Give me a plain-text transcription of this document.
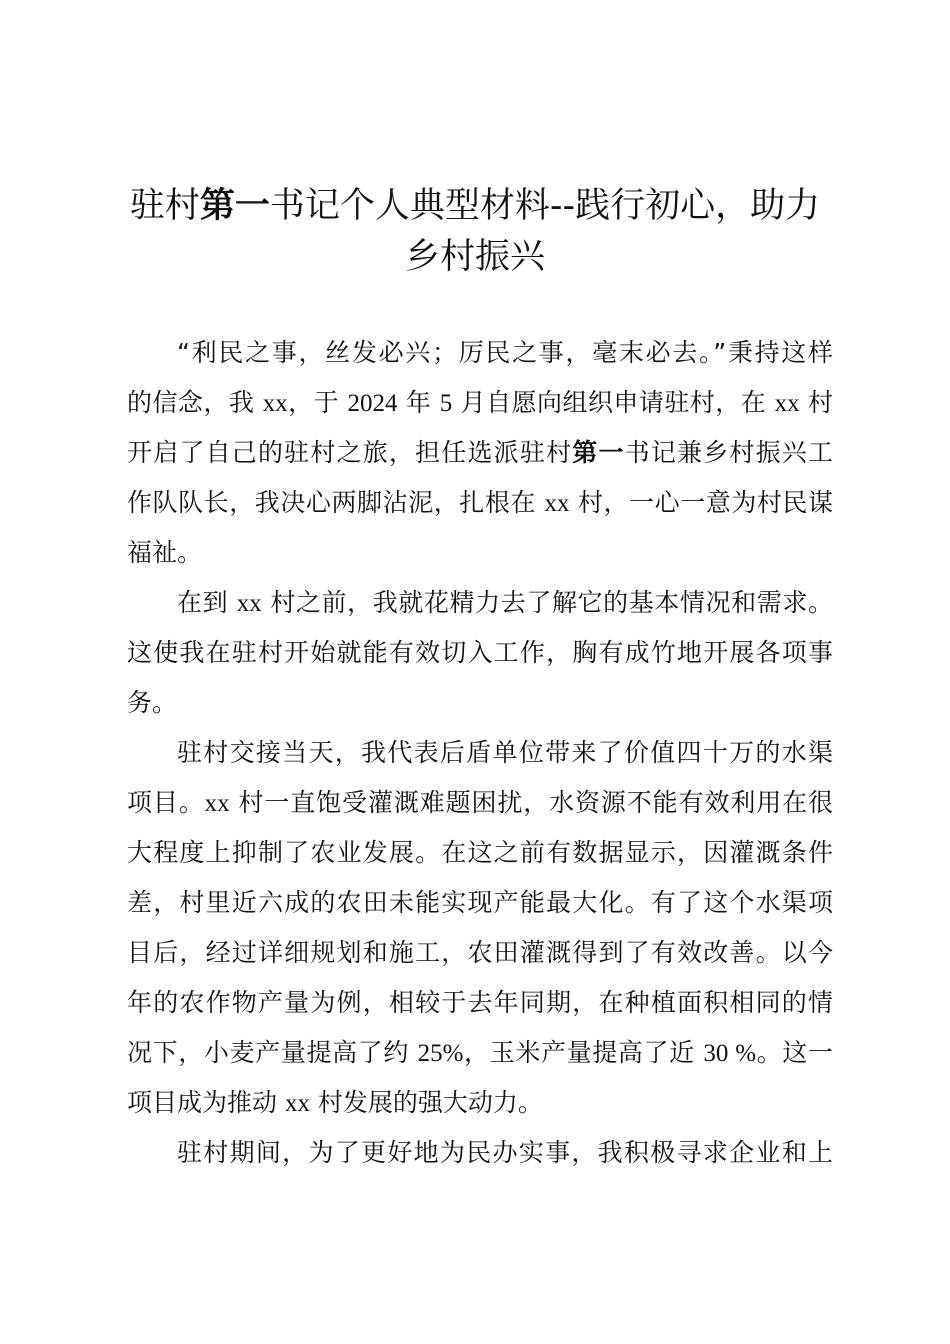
驻村第一书记个人典型材料--践行初心，助力
乡村振兴
“利民之事，丝发必兴；厉民之事，毫末必去。”秉持这样
的信念，我 xx，于 2024 年 5 月自愿向组织申请驻村，在 xx 村
开启了自己的驻村之旅，担任选派驻村第一书记兼乡村振兴工
作队队长，我决心两脚沾泥，扎根在 xx 村，一心一意为村民谋
福祉。
在到 xx 村之前，我就花精力去了解它的基本情况和需求。
这使我在驻村开始就能有效切入工作，胸有成竹地开展各项事
务。
驻村交接当天，我代表后盾单位带来了价值四十万的水渠
项目。xx 村一直饱受灌溉难题困扰，水资源不能有效利用在很
大程度上抑制了农业发展。在这之前有数据显示，因灌溉条件
差，村里近六成的农田未能实现产能最大化。有了这个水渠项
目后，经过详细规划和施工，农田灌溉得到了有效改善。以今
年的农作物产量为例，相较于去年同期，在种植面积相同的情
况下，小麦产量提高了约 25%，玉米产量提高了近 30 %。这一
项目成为推动 xx 村发展的强大动力。
驻村期间，为了更好地为民办实事，我积极寻求企业和上
